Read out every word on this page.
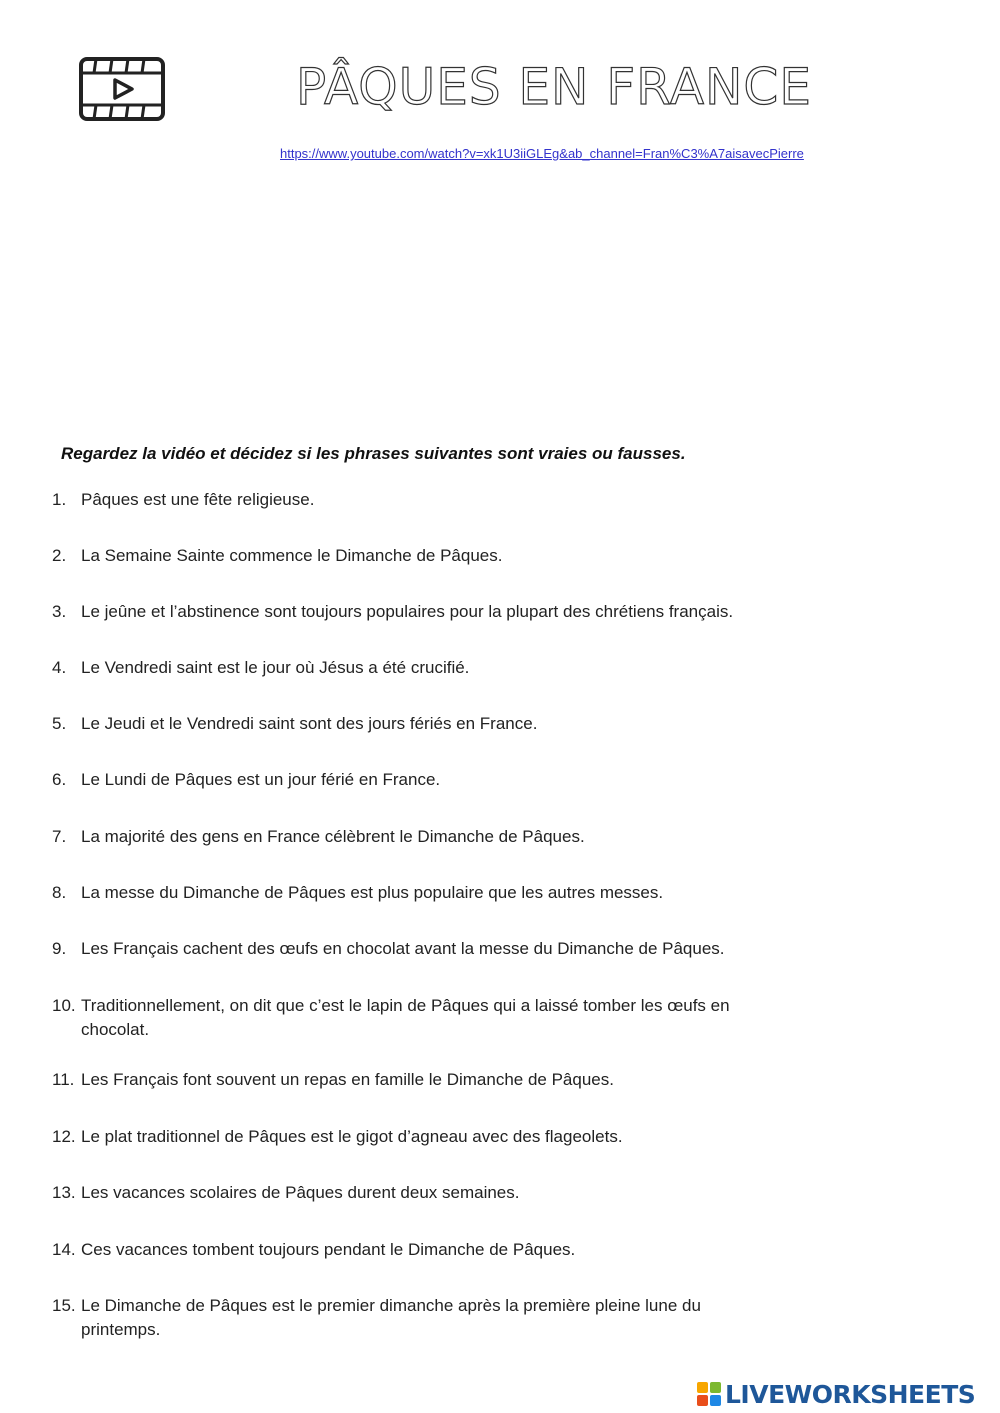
PÂQUES EN FRANCE
https://www.youtube.com/watch?v=xk1U3iiGLEg&ab_channel=Fran%C3%A7aisavecPierre

Regardez la vidéo et décidez si les phrases suivantes sont vraies ou fausses.

1. Pâques est une fête religieuse.
2. La Semaine Sainte commence le Dimanche de Pâques.
3. Le jeûne et l’abstinence sont toujours populaires pour la plupart des chrétiens français.
4. Le Vendredi saint est le jour où Jésus a été crucifié.
5. Le Jeudi et le Vendredi saint sont des jours fériés en France.
6. Le Lundi de Pâques est un jour férié en France.
7. La majorité des gens en France célèbrent le Dimanche de Pâques.
8. La messe du Dimanche de Pâques est plus populaire que les autres messes.
9. Les Français cachent des œufs en chocolat avant la messe du Dimanche de Pâques.
10. Traditionnellement, on dit que c’est le lapin de Pâques qui a laissé tomber les œufs en chocolat.
11. Les Français font souvent un repas en famille le Dimanche de Pâques.
12. Le plat traditionnel de Pâques est le gigot d’agneau avec des flageolets.
13. Les vacances scolaires de Pâques durent deux semaines.
14. Ces vacances tombent toujours pendant le Dimanche de Pâques.
15. Le Dimanche de Pâques est le premier dimanche après la première pleine lune du printemps.
LIVEWORKSHEETS
